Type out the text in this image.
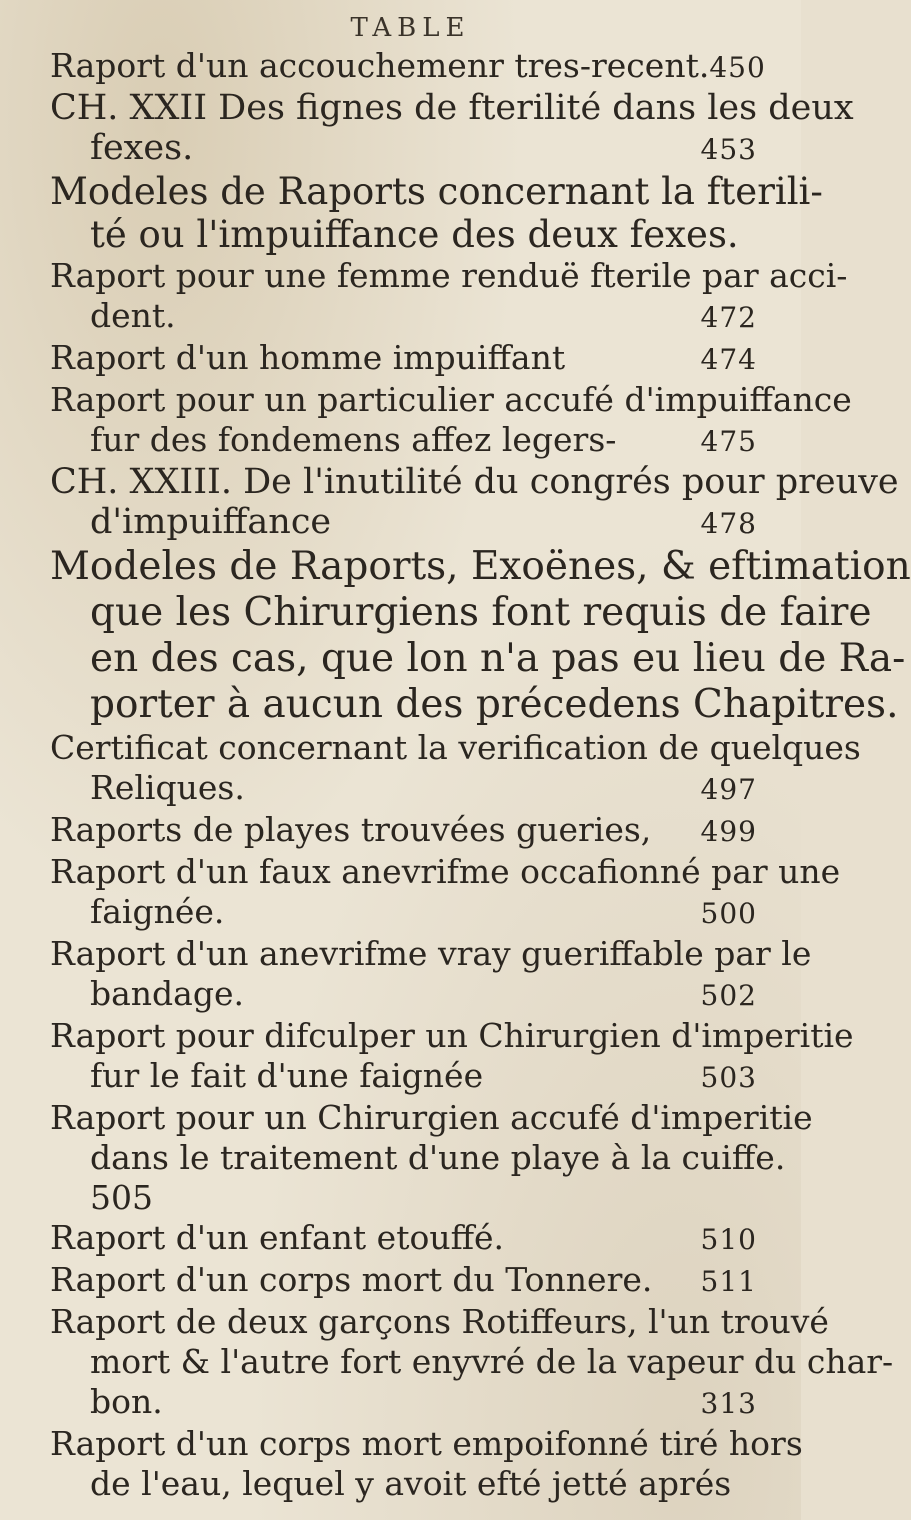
TABLE
Raport d'un accouchemenr tres-recent. 450
CH. XXII Des fignes de fterilité dans les deux
fexes.	453
Modeles de Raports concernant la fterili-
té ou l'impuiffance des deux fexes.
Raport pour une femme renduë fterile par acci-
dent.	472
Raport d'un homme impuiffant	474
Raport pour un particulier accufé d'impuiffance
fur des fondemens affez legers-	475
CH. XXIII. De l'inutilité du congrés pour preuve
d'impuiffance	478
Modeles de Raports, Exoënes, & eftimation
que les Chirurgiens font requis de faire
en des cas, que lon n'a pas eu lieu de Ra-
porter à aucun des précedens Chapitres.
Certificat concernant la verification de quelques
Reliques.	497
Raports de playes trouvées gueries, 499
Raport d'un faux anevrifme occafionné par une
faignée.	500
Raport d'un anevrifme vray gueriffable par le
bandage.	502
Raport pour difculper un Chirurgien d'imperitie
fur le fait d'une faignée	503
Raport pour un Chirurgien accufé d'imperitie
dans le traitement d'une playe à la cuiffe.
505
Raport d'un enfant etouffé.	510
Raport d'un corps mort du Tonnere. 511
Raport de deux garçons Rotiffeurs, l'un trouvé
mort & l'autre fort enyvré de la vapeur du char-
bon.	313
Raport d'un corps mort empoifonné tiré hors
de l'eau, lequel y avoit efté jetté aprés
